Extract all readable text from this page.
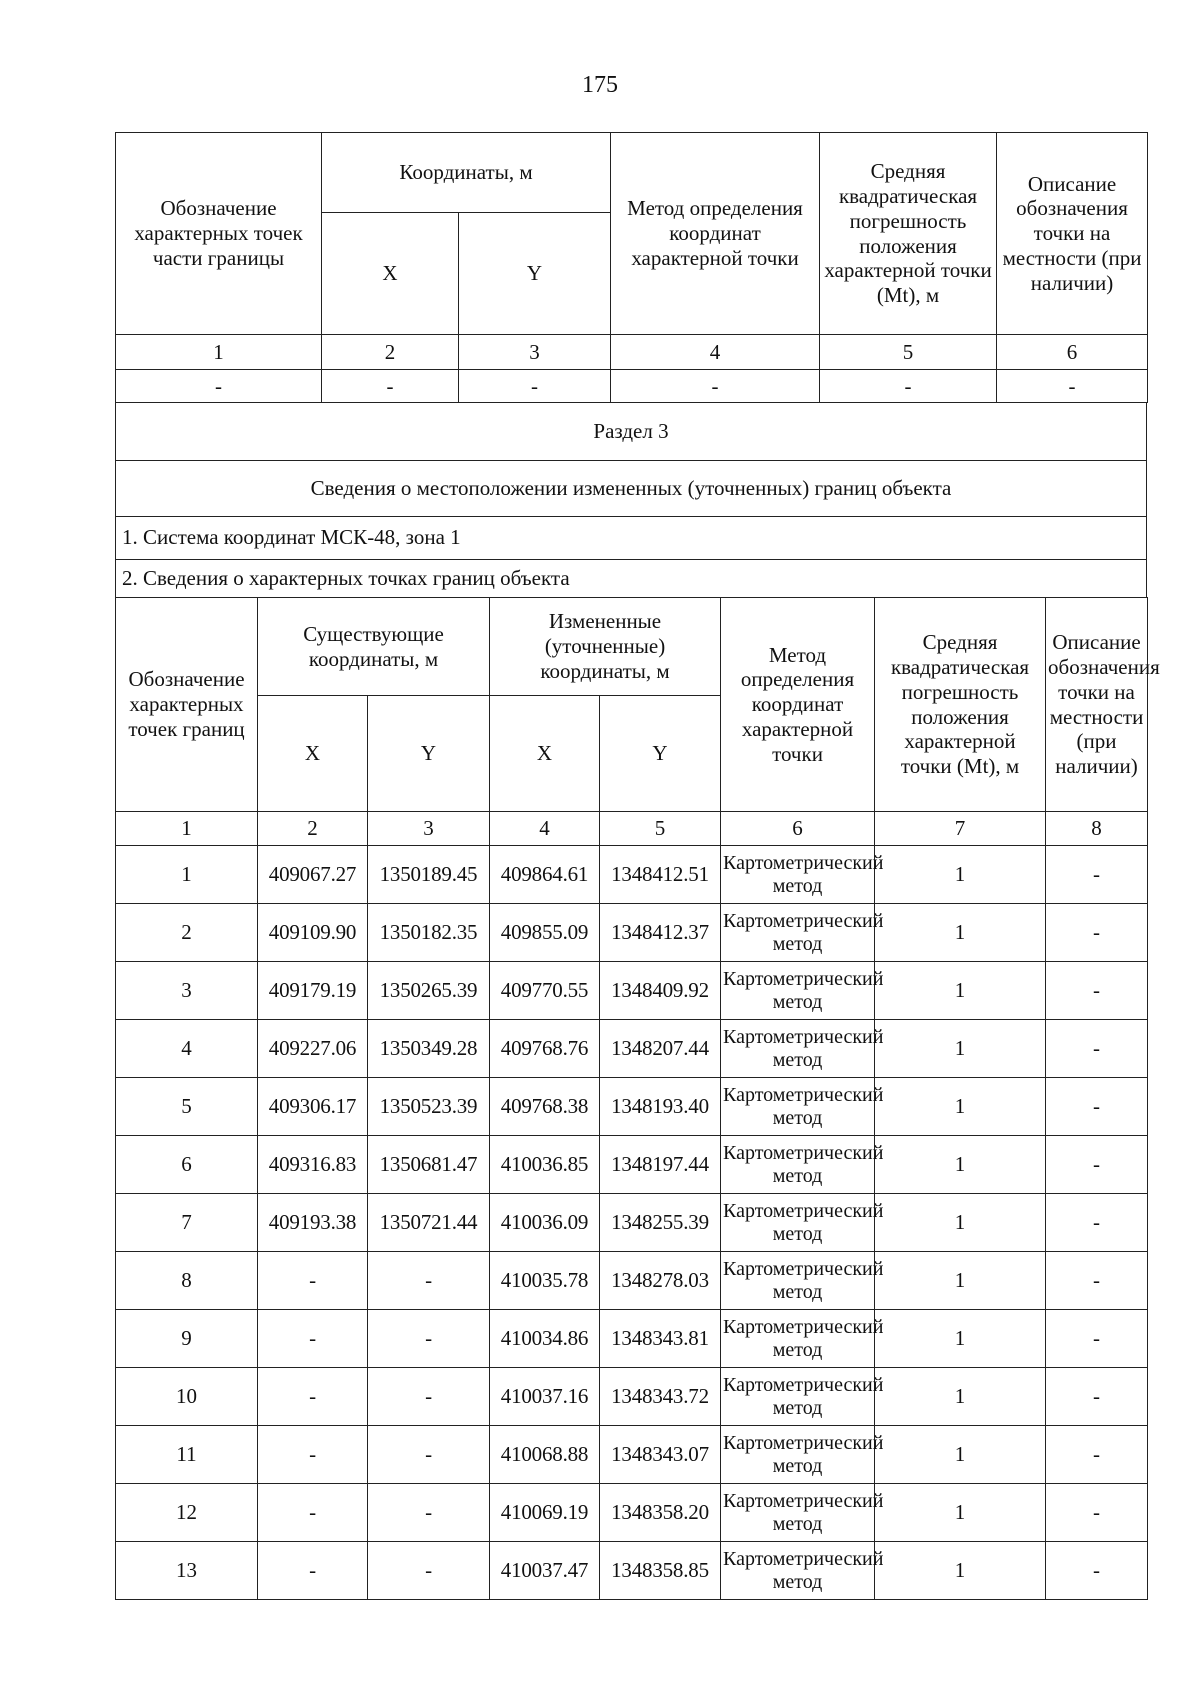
175
Обозначение характерных точек части границы	Координаты, м		Метод определения координат характерной точки	Средняя квадратическая погрешность положения характерной точки (Mt), м	Описание обозначения точки на местности (при наличии)
	X	Y			
1	2	3	4	5	6
-	-	-	-	-	-
Раздел 3
Сведения о местоположении измененных (уточненных) границ объекта
1. Система координат МСК-48, зона 1
2. Сведения о характерных точках границ объекта
Обозначение характерных точек границ	Существующие координаты, м		Измененные (уточненные) координаты, м		Метод определения координат характерной точки	Средняя квадратическая погрешность положения характерной точки (Mt), м	Описание обозначения точки на местности (при наличии)
	X	Y	X	Y			
1	2	3	4	5	6	7	8
1	409067.27	1350189.45	409864.61	1348412.51	Картометрический метод	1	-
2	409109.90	1350182.35	409855.09	1348412.37	Картометрический метод	1	-
3	409179.19	1350265.39	409770.55	1348409.92	Картометрический метод	1	-
4	409227.06	1350349.28	409768.76	1348207.44	Картометрический метод	1	-
5	409306.17	1350523.39	409768.38	1348193.40	Картометрический метод	1	-
6	409316.83	1350681.47	410036.85	1348197.44	Картометрический метод	1	-
7	409193.38	1350721.44	410036.09	1348255.39	Картометрический метод	1	-
8	-	-	410035.78	1348278.03	Картометрический метод	1	-
9	-	-	410034.86	1348343.81	Картометрический метод	1	-
10	-	-	410037.16	1348343.72	Картометрический метод	1	-
11	-	-	410068.88	1348343.07	Картометрический метод	1	-
12	-	-	410069.19	1348358.20	Картометрический метод	1	-
13	-	-	410037.47	1348358.85	Картометрический метод	1	-
